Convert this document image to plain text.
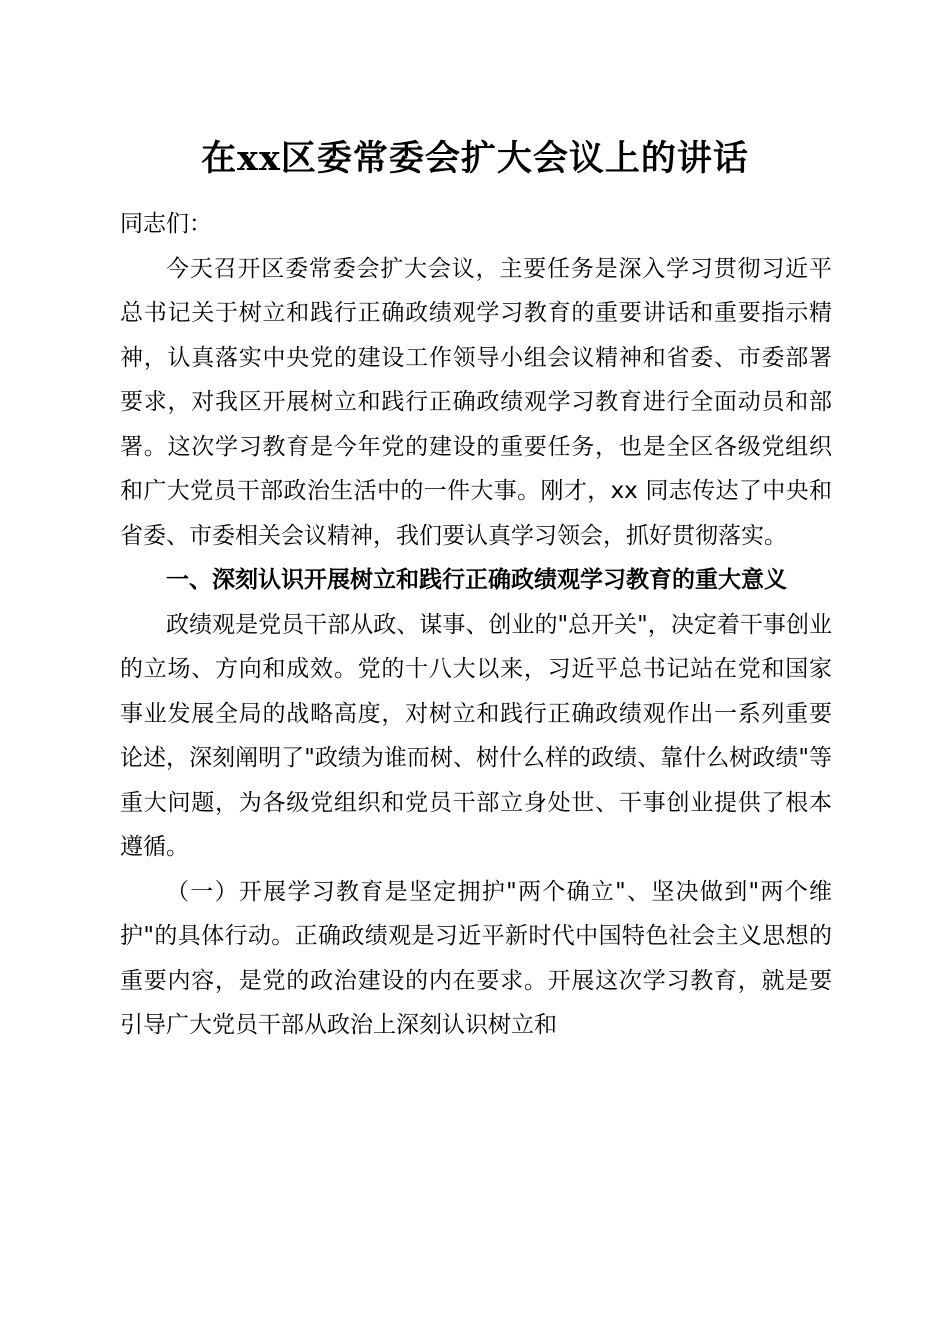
在xx区委常委会扩大会议上的讲话

同志们：

今天召开区委常委会扩大会议，主要任务是深入学习贯彻习近平总书记关于树立和践行正确政绩观学习教育的重要讲话和重要指示精神，认真落实中央党的建设工作领导小组会议精神和省委、市委部署要求，对我区开展树立和践行正确政绩观学习教育进行全面动员和部署。这次学习教育是今年党的建设的重要任务，也是全区各级党组织和广大党员干部政治生活中的一件大事。刚才，xx 同志传达了中央和省委、市委相关会议精神，我们要认真学习领会，抓好贯彻落实。

一、深刻认识开展树立和践行正确政绩观学习教育的重大意义

政绩观是党员干部从政、谋事、创业的"总开关"，决定着干事创业的立场、方向和成效。党的十八大以来，习近平总书记站在党和国家事业发展全局的战略高度，对树立和践行正确政绩观作出一系列重要论述，深刻阐明了"政绩为谁而树、树什么样的政绩、靠什么树政绩"等重大问题，为各级党组织和党员干部立身处世、干事创业提供了根本遵循。

（一）开展学习教育是坚定拥护"两个确立"、坚决做到"两个维护"的具体行动。正确政绩观是习近平新时代中国特色社会主义思想的重要内容，是党的政治建设的内在要求。开展这次学习教育，就是要引导广大党员干部从政治上深刻认识树立和
